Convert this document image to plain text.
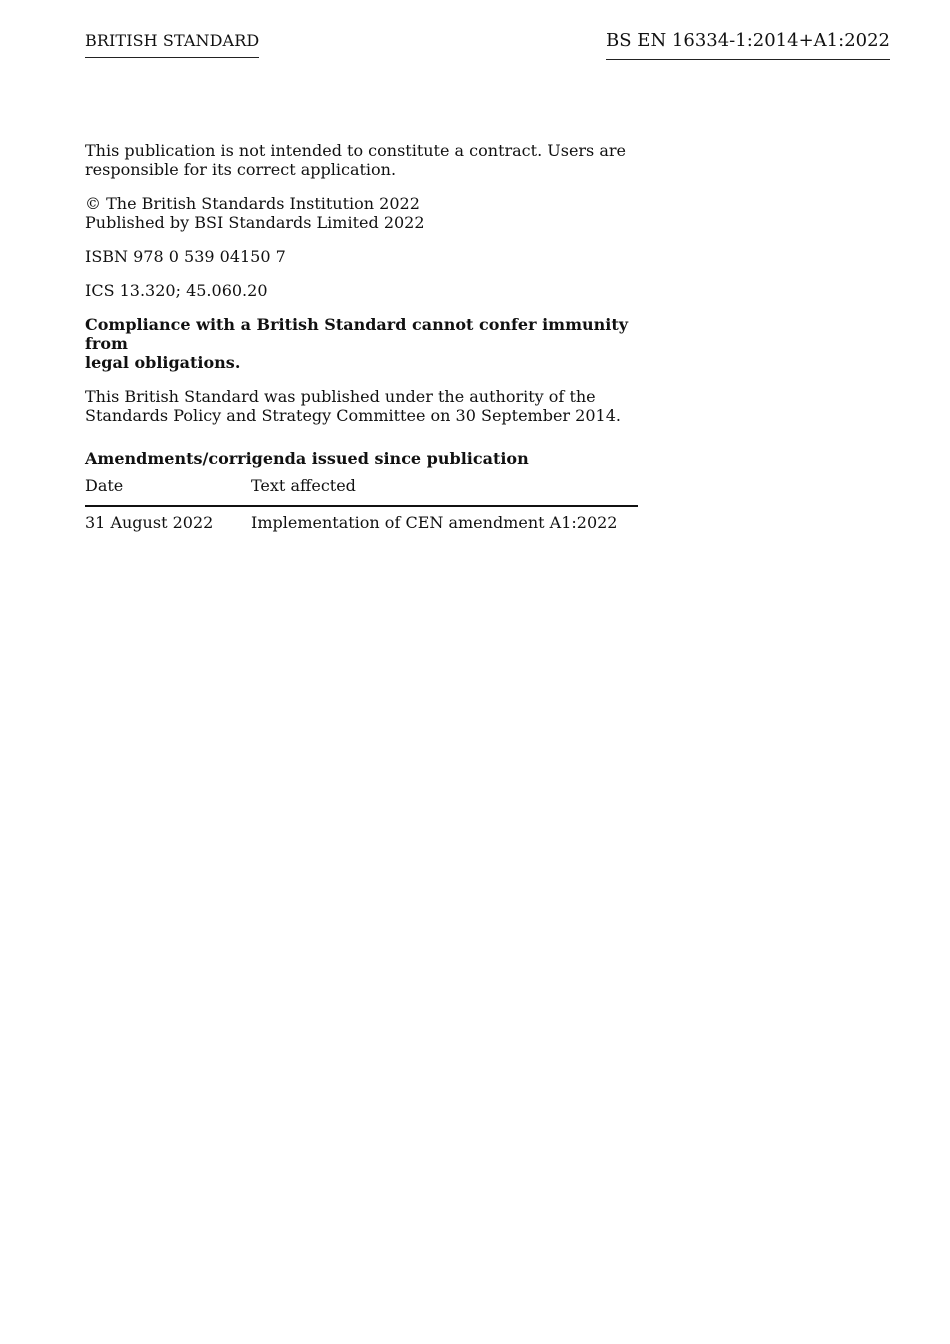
BRITISH STANDARD	BS EN 16334-1:2014+A1:2022

This publication is not intended to constitute a contract. Users are
responsible for its correct application.

© The British Standards Institution 2022
Published by BSI Standards Limited 2022

ISBN 978 0 539 04150 7

ICS 13.320; 45.060.20

Compliance with a British Standard cannot confer immunity from
legal obligations.

This British Standard was published under the authority of the
Standards Policy and Strategy Committee on 30 September 2014.

Amendments/corrigenda issued since publication
Date	Text affected
31 August 2022	Implementation of CEN amendment A1:2022
